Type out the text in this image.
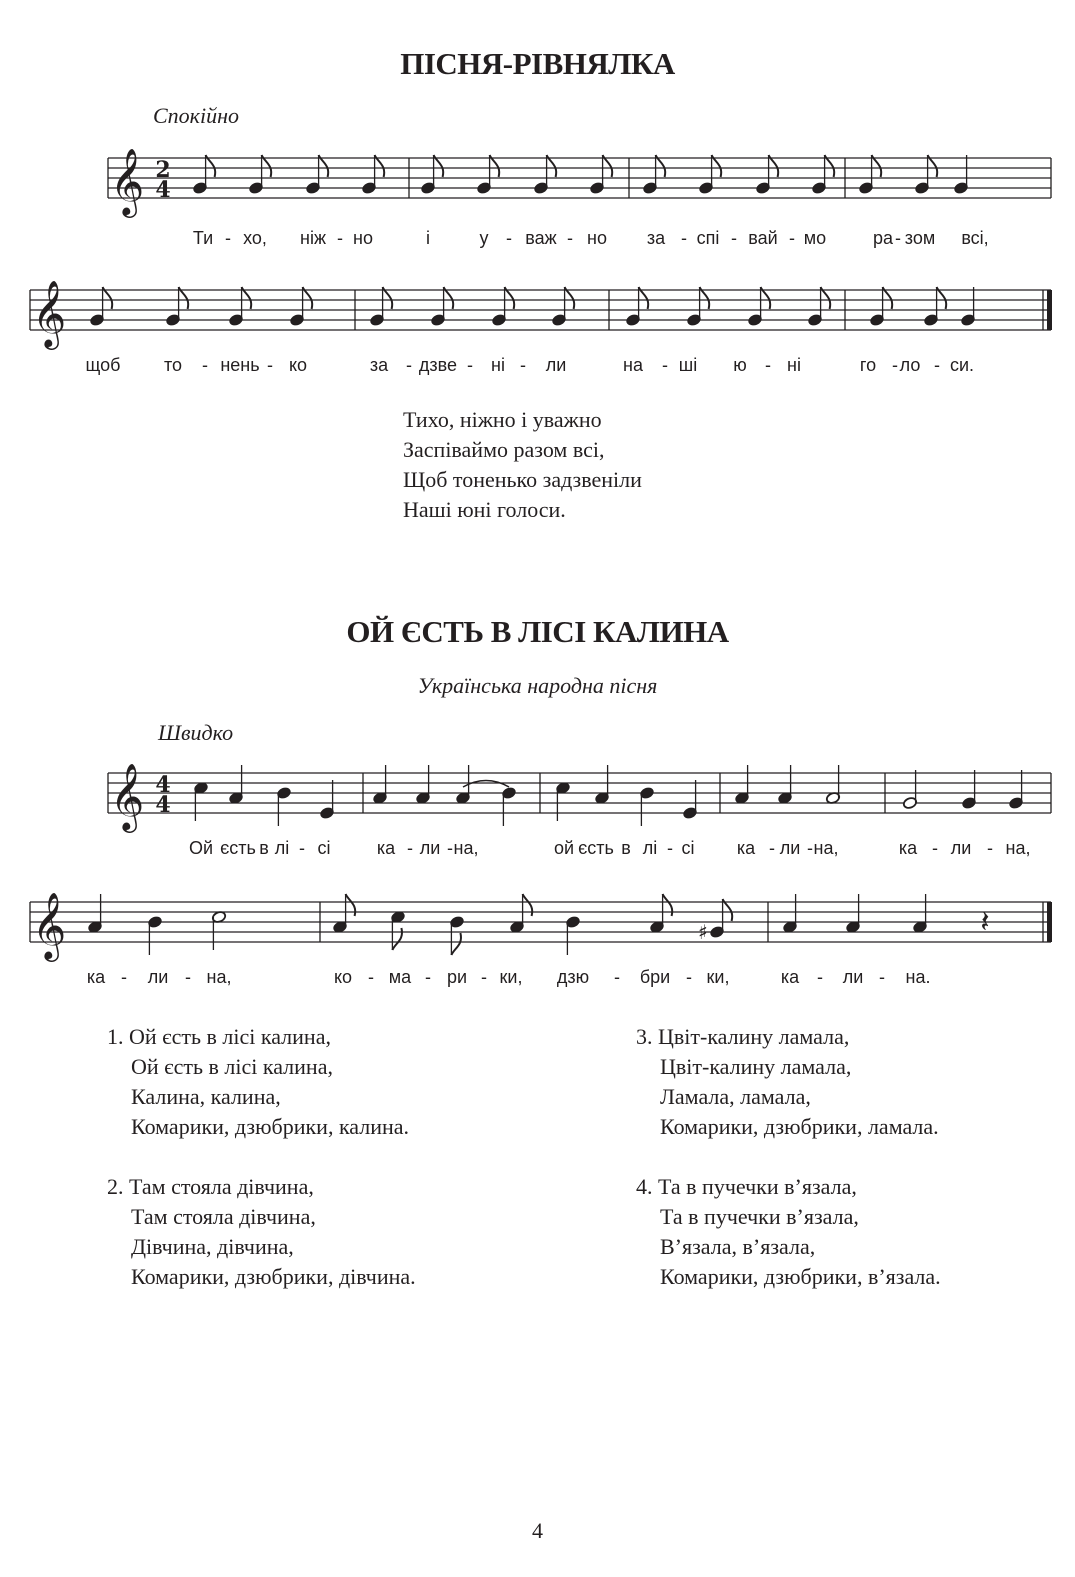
ПІСНЯ-РІВНЯЛКА
Спокійно
𝄞 2
4
𝄞
𝄞 4
4
𝄞	♯	𝄽
Ти - хо, ніж - но	і	у - важ - но за - спі - вай - мо	ра - зом всі,
щоб то - нень - ко	за - дзве - ні - ли	на - ші ю - ні	го - ло - си.
Ой єсть в лі - сі	ка - ли - на,	ой єсть в лі - сі ка - ли - на,	ка - ли - на,
ка - ли - на,	ко - ма - ри - ки, дзю - бри - ки,	ка - ли - на.
Тихо, ніжно і уважно
Заспіваймо разом всі,
Щоб тоненько задзвеніли
Наші юні голоси.
ОЙ ЄСТЬ В ЛІСІ КАЛИНА
Українська народна пісня
Швидко
1. Ой єсть в лісі калина,
Ой єсть в лісі калина,
Калина, калина,
Комарики, дзюбрики, калина.
2. Там стояла дівчина,
Там стояла дівчина,
Дівчина, дівчина,
Комарики, дзюбрики, дівчина.
3. Цвіт-калину ламала,
Цвіт-калину ламала,
Ламала, ламала,
Комарики, дзюбрики, ламала.
4. Та в пучечки в’язала,
Та в пучечки в’язала,
В’язала, в’язала,
Комарики, дзюбрики, в’язала.
4
